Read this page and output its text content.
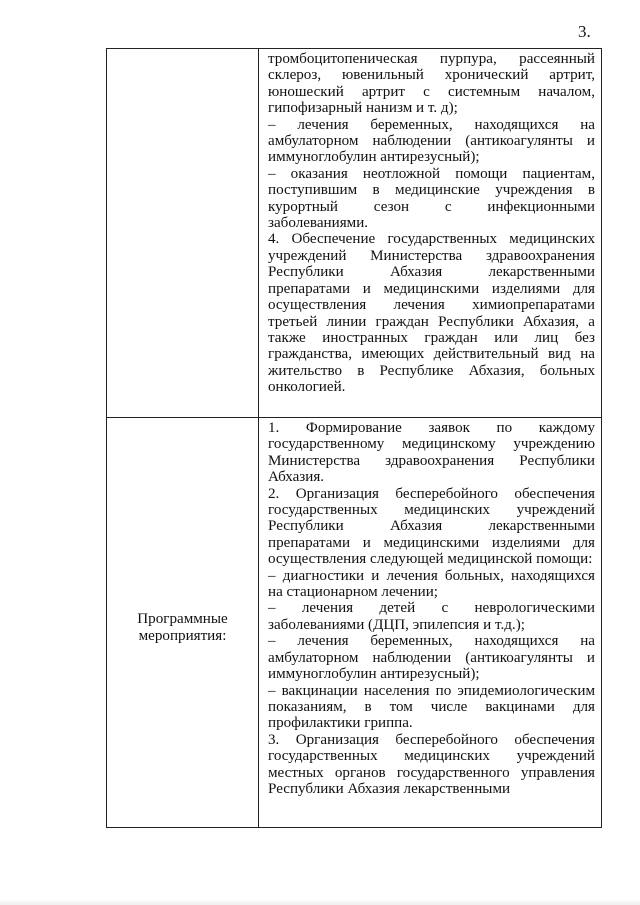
3.

тромбоцитопеническая пурпура, рассеянный склероз, ювенильный хронический артрит, юношеский артрит с системным началом, гипофизарный нанизм и т. д);

– лечения беременных, находящихся на амбулаторном наблюдении (антикоагулянты и иммуноглобулин антирезусный);

– оказания неотложной помощи пациентам, поступившим в медицинские учреждения в курортный сезон с инфекционными заболеваниями.

4. Обеспечение государственных медицинских учреждений Министерства здравоохранения Республики Абхазия лекарственными препаратами и медицинскими изделиями для осуществления лечения химиопрепаратами третьей линии граждан Республики Абхазия, а также иностранных граждан или лиц без гражданства, имеющих действительный вид на жительство в Республике Абхазия, больных онкологией.

Программные
мероприятия:

1. Формирование заявок по каждому государственному медицинскому учреждению Министерства здравоохранения Республики Абхазия.

2. Организация бесперебойного обеспечения государственных медицинских учреждений Республики Абхазия лекарственными препаратами и медицинскими изделиями для осуществления следующей медицинской помощи:

– диагностики и лечения больных, находящихся на стационарном лечении;

– лечения детей с неврологическими заболеваниями (ДЦП, эпилепсия и т.д.);

– лечения беременных, находящихся на амбулаторном наблюдении (антикоагулянты и иммуноглобулин антирезусный);

– вакцинации населения по эпидемиологическим показаниям, в том числе вакцинами для профилактики гриппа.

3. Организация бесперебойного обеспечения государственных медицинских учреждений местных органов государственного управления Республики Абхазия лекарственными
